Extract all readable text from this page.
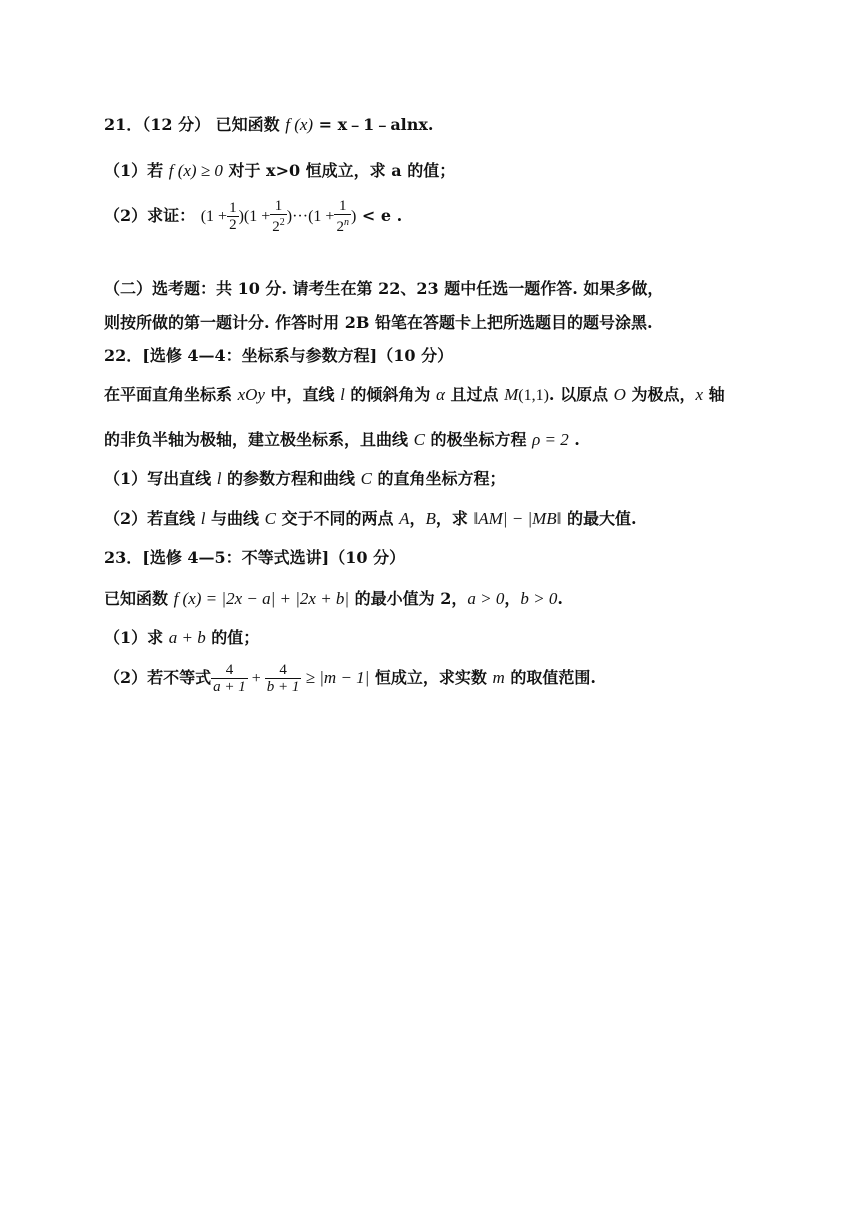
21．（12 分） 已知函数 f (x) = x﹣1﹣alnx.
（1）若 f (x) ≥ 0 对于 x>0 恒成立，求 a 的值；
（2）求证： $(1 + \frac{1}{2} )(1 + \frac{1}{2^2} )\cdot\cdot\cdot(1 + \frac{1}{2^n}$ ) < e .
（二）选考题：共 10 分. 请考生在第 22、23 题中任选一题作答. 如果多做，
则按所做的第一题计分. 作答时用 2B 铅笔在答题卡上把所选题目的题号涂黑.
22．[选修 4—4：坐标系与参数方程]（10 分）
在平面直角坐标系 xOy 中，直线 l 的倾斜角为 α 且过点 M(1,1). 以原点 O 为极点，x 轴
的非负半轴为极轴，建立极坐标系，且曲线 C 的极坐标方程 ρ = 2 .
（1）写出直线 l 的参数方程和曲线 C 的直角坐标方程；
（2）若直线 l 与曲线 C 交于不同的两点 A，B，求 ‖AM| − |MB‖ 的最大值.
23．[选修 4—5：不等式选讲]（10 分）
已知函数 f (x) = |2x − a| + |2x + b| 的最小值为 2，a > 0，b > 0.
（1）求 a + b 的值；
（2）若不等式 $\frac{4}{a + 1} + \frac{4}{b + 1} \ge |m - 1|$ 恒成立，求实数 m 的取值范围.
